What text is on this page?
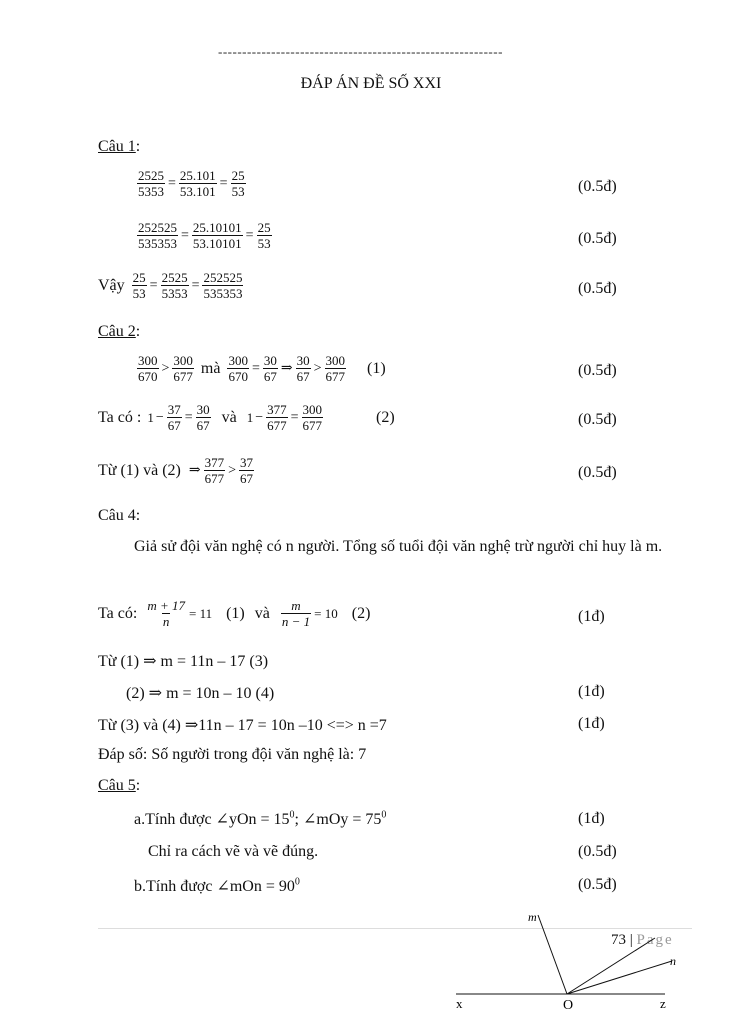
-----------------------------------------------------------
ĐÁP ÁN ĐỀ SỐ XXI
Câu 1:
$\frac{2525}{5353} = \frac{25.101}{53.101} = \frac{25}{53}$	(0.5đ)
$\frac{252525}{535353} = \frac{25.10101}{53.10101} = \frac{25}{53}$	(0.5đ)
Vậy $\frac{25}{53} = \frac{2525}{5353} = \frac{252525}{535353}$	(0.5đ)
Câu 2:
$\frac{300}{670} > \frac{300}{677}$ mà $\frac{300}{670} = \frac{30}{67}$ ⇒ $\frac{30}{67} > \frac{300}{677} (1)$	(0.5đ)
Ta có : $1 - \frac{37}{67} = \frac{30}{67}$ và $1 - \frac{377}{677} = \frac{300}{677}$	(2)	(0.5đ)
Từ (1) và (2) ⇒ $\frac{377}{677} > \frac{37}{67}$	(0.5đ)
Câu 4:
Giả sử đội văn nghệ có n người. Tổng số tuổi đội văn nghệ trừ người chỉ huy là m.
Ta có: $\frac{m + 17}{n} = 11$ (1) và $\frac{m}{n - 1} = 10$ (2)	(1đ)
Từ (1) ⇒ m = 11n – 17 (3)
(2) ⇒ m = 10n – 10 (4)	(1đ)
Từ (3) và (4) ⇒11n – 17 = 10n –10 <=> n =7	(1đ)
Đáp số: Số người trong đội văn nghệ là: 7
Câu 5:
a.Tính được ∠yOn = $15^0$; ∠mOy = $75^0$	(1đ)
Chỉ ra cách vẽ và vẽ đúng.	(0.5đ)
b.Tính được ∠mOn = $90^0$	(0.5đ)
73 | Page
m
n
x	O	z
